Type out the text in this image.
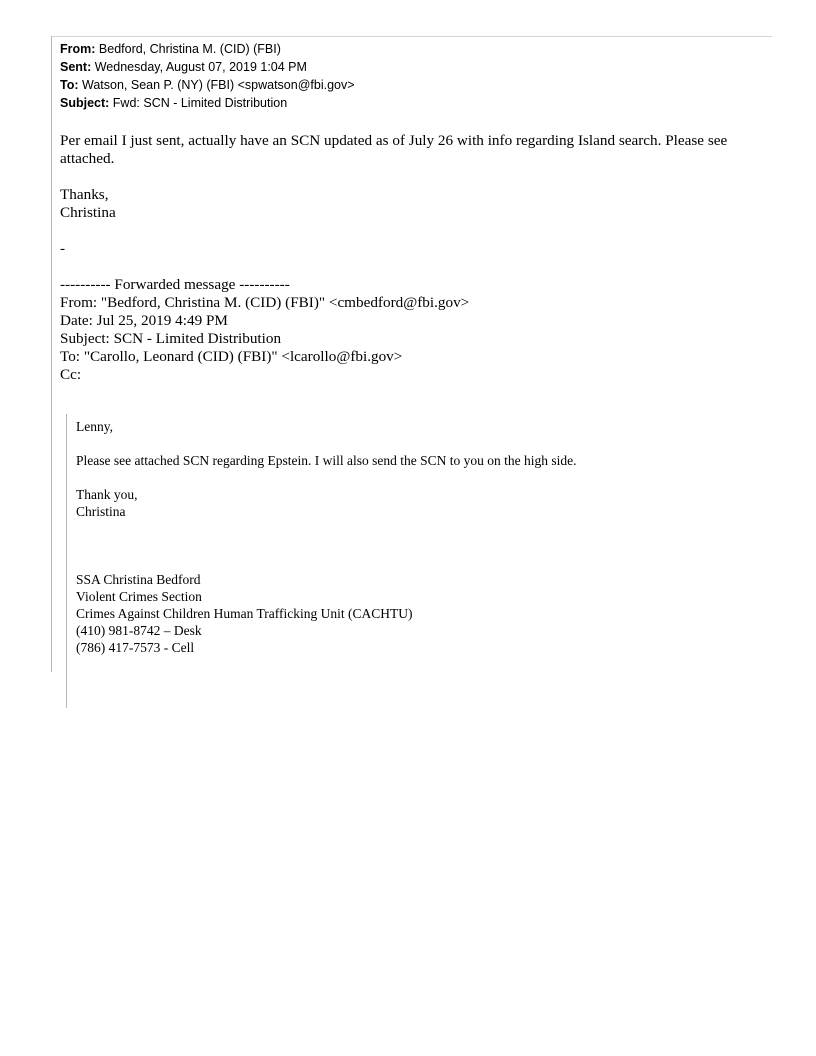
From: Bedford, Christina M. (CID) (FBI)
Sent: Wednesday, August 07, 2019 1:04 PM
To: Watson, Sean P. (NY) (FBI) <spwatson@fbi.gov>
Subject: Fwd: SCN - Limited Distribution
Per email I just sent, actually have an SCN updated as of July 26 with info regarding Island search. Please see attached.
Thanks,
Christina
-
---------- Forwarded message ----------
From: "Bedford, Christina M. (CID) (FBI)" <cmbedford@fbi.gov>
Date: Jul 25, 2019 4:49 PM
Subject: SCN - Limited Distribution
To: "Carollo, Leonard (CID) (FBI)" <lcarollo@fbi.gov>
Cc:
Lenny,
Please see attached SCN regarding Epstein. I will also send the SCN to you on the high side.
Thank you,
Christina
SSA Christina Bedford
Violent Crimes Section
Crimes Against Children Human Trafficking Unit (CACHTU)
(410) 981-8742 – Desk
(786) 417-7573 - Cell
